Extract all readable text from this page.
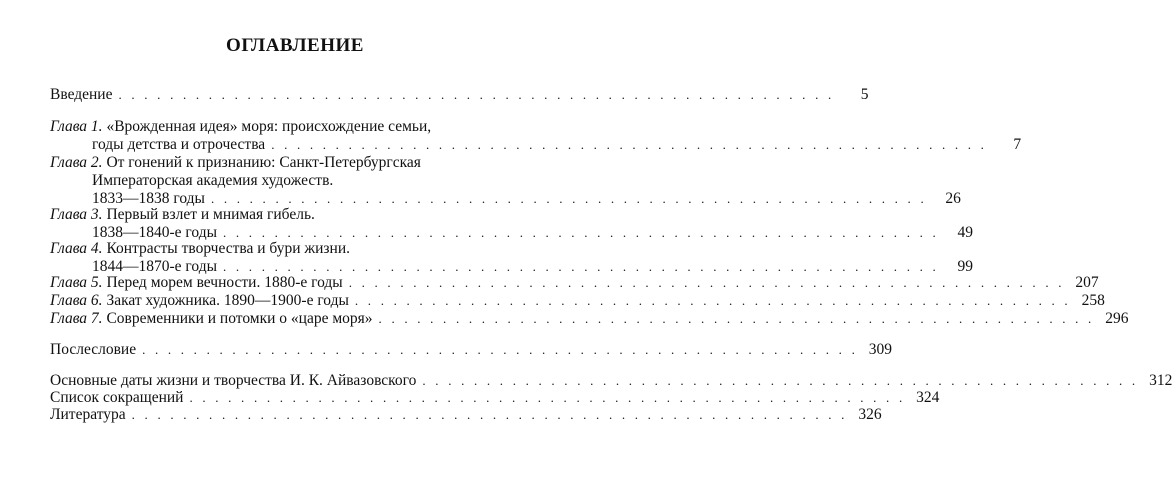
ОГЛАВЛЕНИЕ
Введение . . . . . . . . . . . . . . . . . . . . . . . . . . . . . . . . . . . . . . . . . . . . . . . . . . . . . . . .	5
Глава 1. «Врожденная идея» моря: происхождение семьи,
годы детства и отрочества . . . . . . . . . . . . . . . . . . . . . . . . . . . . . . . . . . . . . . . . . . . . . . . . . . . . . . . .	7
Глава 2. От гонений к признанию: Санкт-Петербургская
Императорская академия художеств.
1833—1838 годы . . . . . . . . . . . . . . . . . . . . . . . . . . . . . . . . . . . . . . . . . . . . . . . . . . . . . . . .	26
Глава 3. Первый взлет и мнимая гибель.
1838—1840-е годы . . . . . . . . . . . . . . . . . . . . . . . . . . . . . . . . . . . . . . . . . . . . . . . . . . . . . . . .	49
Глава 4. Контрасты творчества и бури жизни.
1844—1870-е годы . . . . . . . . . . . . . . . . . . . . . . . . . . . . . . . . . . . . . . . . . . . . . . . . . . . . . . . .	99
Глава 5. Перед морем вечности. 1880-е годы . . . . . . . . . . . . . . . . . . . . . . . . . . . . . . . . . . . . . . . . . . . . . . . . . . . . . . . . 207
Глава 6. Закат художника. 1890—1900-е годы . . . . . . . . . . . . . . . . . . . . . . . . . . . . . . . . . . . . . . . . . . . . . . . . . . . . . . . . 258
Глава 7. Современники и потомки о «царе моря» . . . . . . . . . . . . . . . . . . . . . . . . . . . . . . . . . . . . . . . . . . . . . . . . . . . . . . . . 296
Послесловие . . . . . . . . . . . . . . . . . . . . . . . . . . . . . . . . . . . . . . . . . . . . . . . . . . . . . . . . 309
Основные даты жизни и творчества И. К. Айвазовского . . . . . . . . . . . . . . . . . . . . . . . . . . . . . . . . . . . . . . . . . . . . . . . . . . . . . . . . 312
Список сокращений . . . . . . . . . . . . . . . . . . . . . . . . . . . . . . . . . . . . . . . . . . . . . . . . . . . . . . . . 324
Литература . . . . . . . . . . . . . . . . . . . . . . . . . . . . . . . . . . . . . . . . . . . . . . . . . . . . . . . . 326
